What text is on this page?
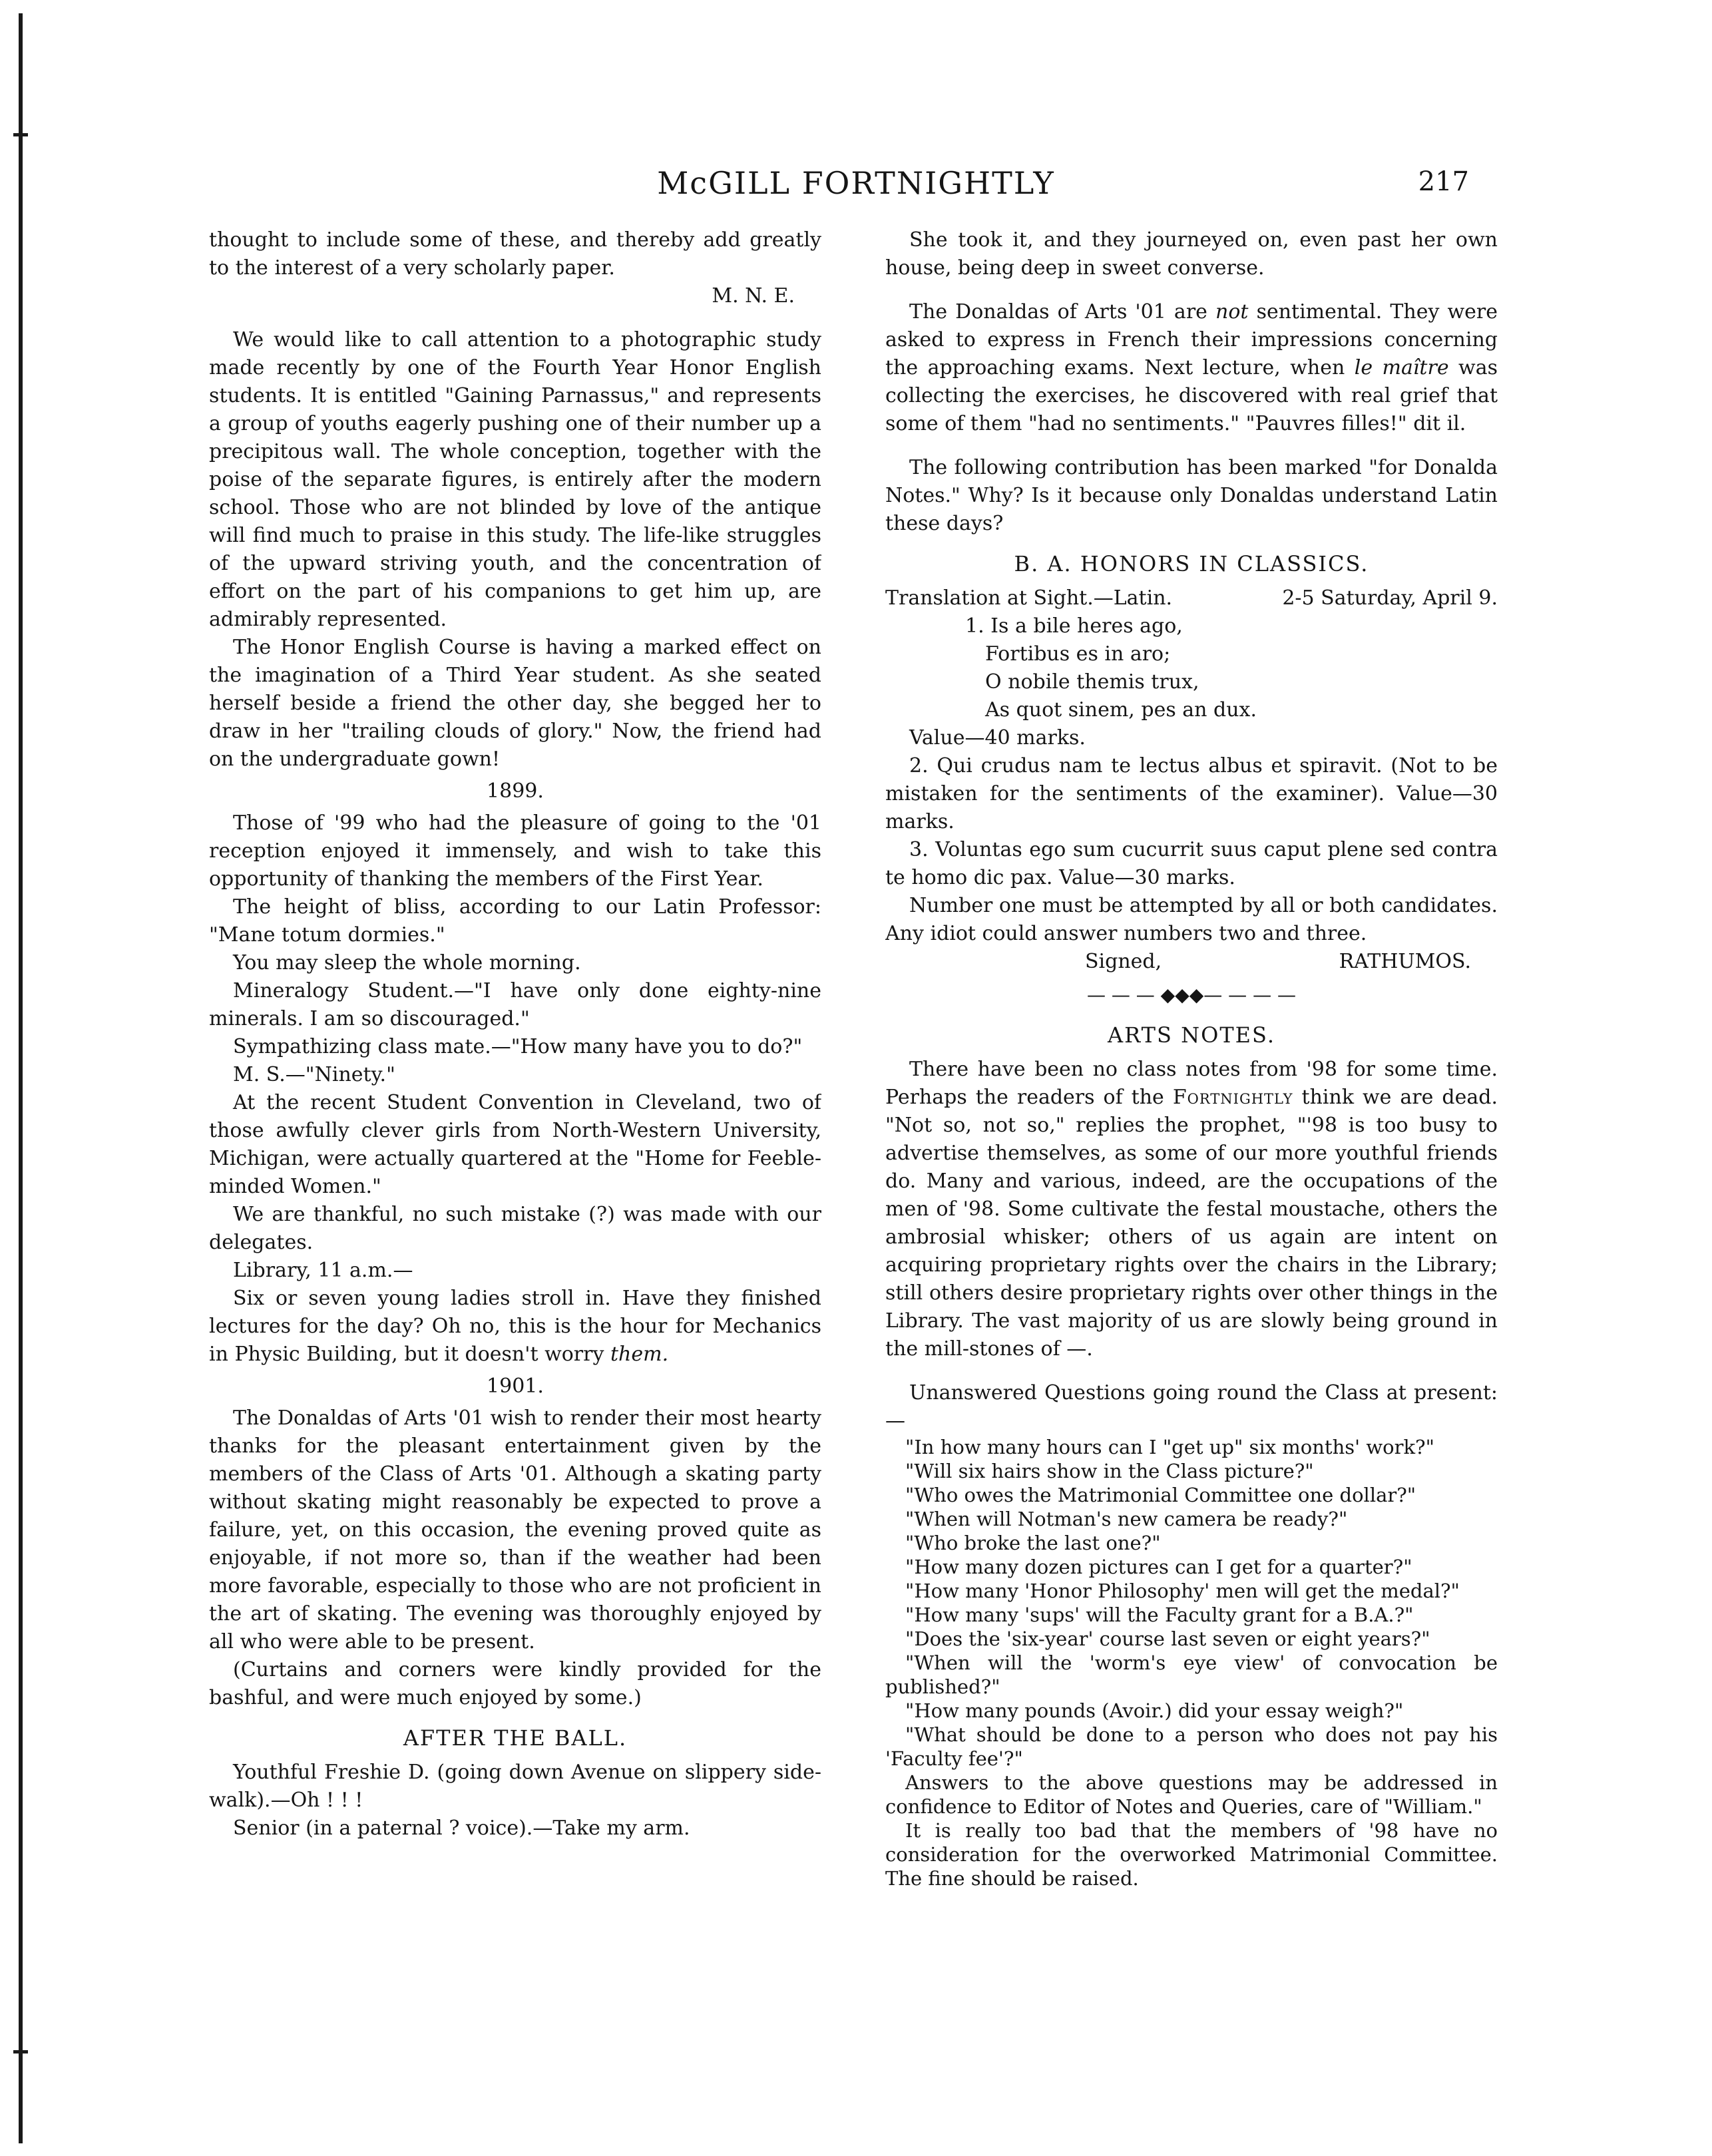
McGILL FORTNIGHTLY	217

thought to include some of these, and thereby add greatly to the interest of a very scholarly paper.

M. N. E.

We would like to call attention to a photographic study made recently by one of the Fourth Year Honor English students. It is entitled "Gaining Parnassus," and represents a group of youths eagerly pushing one of their number up a precipitous wall. The whole conception, together with the poise of the separate figures, is entirely after the modern school. Those who are not blinded by love of the antique will find much to praise in this study. The life-like struggles of the upward striving youth, and the concentration of effort on the part of his companions to get him up, are admirably represented.

The Honor English Course is having a marked effect on the imagination of a Third Year student. As she seated herself beside a friend the other day, she begged her to draw in her "trailing clouds of glory." Now, the friend had on the undergraduate gown!

1899.

Those of '99 who had the pleasure of going to the '01 reception enjoyed it immensely, and wish to take this opportunity of thanking the members of the First Year.

The height of bliss, according to our Latin Professor: "Mane totum dormies."

You may sleep the whole morning.

Mineralogy Student.—"I have only done eighty-nine minerals. I am so discouraged."

Sympathizing class mate.—"How many have you to do?"

M. S.—"Ninety."

At the recent Student Convention in Cleveland, two of those awfully clever girls from North-Western University, Michigan, were actually quartered at the "Home for Feeble-minded Women."

We are thankful, no such mistake (?) was made with our delegates.

Library, 11 a.m.—

Six or seven young ladies stroll in. Have they finished lectures for the day? Oh no, this is the hour for Mechanics in Physic Building, but it doesn't worry them.

1901.

The Donaldas of Arts '01 wish to render their most hearty thanks for the pleasant entertainment given by the members of the Class of Arts '01. Although a skating party without skating might reasonably be expected to prove a failure, yet, on this occasion, the evening proved quite as enjoyable, if not more so, than if the weather had been more favorable, especially to those who are not proficient in the art of skating. The evening was thoroughly enjoyed by all who were able to be present.

(Curtains and corners were kindly provided for the bashful, and were much enjoyed by some.)

AFTER THE BALL.

Youthful Freshie D. (going down Avenue on slippery side-walk).—Oh ! ! !

Senior (in a paternal ? voice).—Take my arm.

She took it, and they journeyed on, even past her own house, being deep in sweet converse.

The Donaldas of Arts '01 are not sentimental. They were asked to express in French their impressions concerning the approaching exams. Next lecture, when le maître was collecting the exercises, he discovered with real grief that some of them "had no sentiments." "Pauvres filles!" dit il.

The following contribution has been marked "for Donalda Notes." Why? Is it because only Donaldas understand Latin these days?

B. A. HONORS IN CLASSICS.

Translation at Sight.—Latin.	2-5 Saturday, April 9.

1. Is a bile heres ago,

Fortibus es in aro;

O nobile themis trux,

As quot sinem, pes an dux.

Value—40 marks.

2. Qui crudus nam te lectus albus et spiravit. (Not to be mistaken for the sentiments of the examiner). Value—30 marks.

3. Voluntas ego sum cucurrit suus caput plene sed contra te homo dic pax. Value—30 marks.

Number one must be attempted by all or both candidates. Any idiot could answer numbers two and three.

Signed,	RATHUMOS.
— — — ◆◆◆— — — —

ARTS NOTES.

There have been no class notes from '98 for some time. Perhaps the readers of the Fortnightly think we are dead. "Not so, not so," replies the prophet, "'98 is too busy to advertise themselves, as some of our more youthful friends do. Many and various, indeed, are the occupations of the men of '98. Some cultivate the festal moustache, others the ambrosial whisker; others of us again are intent on acquiring proprietary rights over the chairs in the Library; still others desire proprietary rights over other things in the Library. The vast majority of us are slowly being ground in the mill-stones of —.

Unanswered Questions going round the Class at present:—

"In how many hours can I "get up" six months' work?"

"Will six hairs show in the Class picture?"

"Who owes the Matrimonial Committee one dollar?"

"When will Notman's new camera be ready?"

"Who broke the last one?"

"How many dozen pictures can I get for a quarter?"

"How many 'Honor Philosophy' men will get the medal?"

"How many 'sups' will the Faculty grant for a B.A.?"

"Does the 'six-year' course last seven or eight years?"

"When will the 'worm's eye view' of convocation be published?"

"How many pounds (Avoir.) did your essay weigh?"

"What should be done to a person who does not pay his 'Faculty fee'?"

Answers to the above questions may be addressed in confidence to Editor of Notes and Queries, care of "William."

It is really too bad that the members of '98 have no consideration for the overworked Matrimonial Committee. The fine should be raised.
